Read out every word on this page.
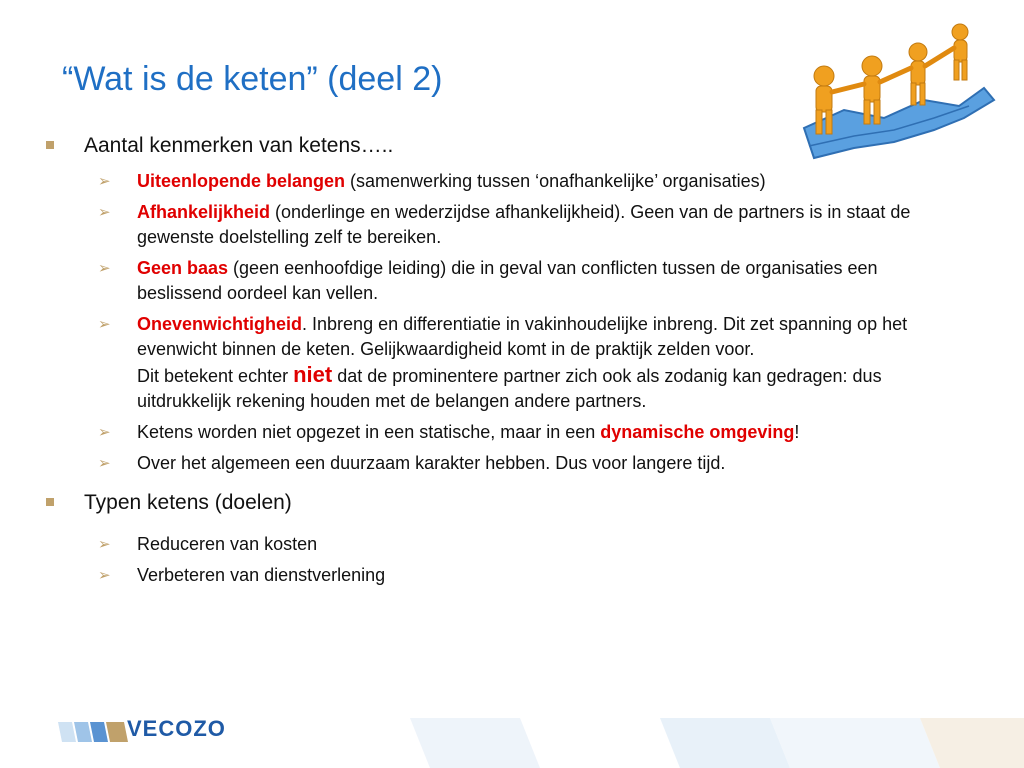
“Wat is de keten” (deel 2)
Aantal kenmerken van ketens…..
➢ Uiteenlopende belangen (samenwerking tussen ‘onafhankelijke’ organisaties)
➢ Afhankelijkheid (onderlinge en wederzijdse afhankelijkheid). Geen van de partners is in staat de gewenste doelstelling zelf te bereiken.
➢ Geen baas (geen eenhoofdige leiding) die in geval van conflicten tussen de organisaties een beslissend oordeel kan vellen.
➢ Onevenwichtigheid. Inbreng en differentiatie in vakinhoudelijke inbreng. Dit zet spanning op het evenwicht binnen de keten. Gelijkwaardigheid komt in de praktijk zelden voor.
Dit betekent echter niet dat de prominentere partner zich ook als zodanig kan gedragen: dus uitdrukkelijk rekening houden met de belangen andere partners.
➢ Ketens worden niet opgezet in een statische, maar in een dynamische omgeving!
➢ Over het algemeen een duurzaam karakter hebben. Dus voor langere tijd.
Typen ketens (doelen)
➢ Reduceren van kosten
➢ Verbeteren van dienstverlening
VECOZO
